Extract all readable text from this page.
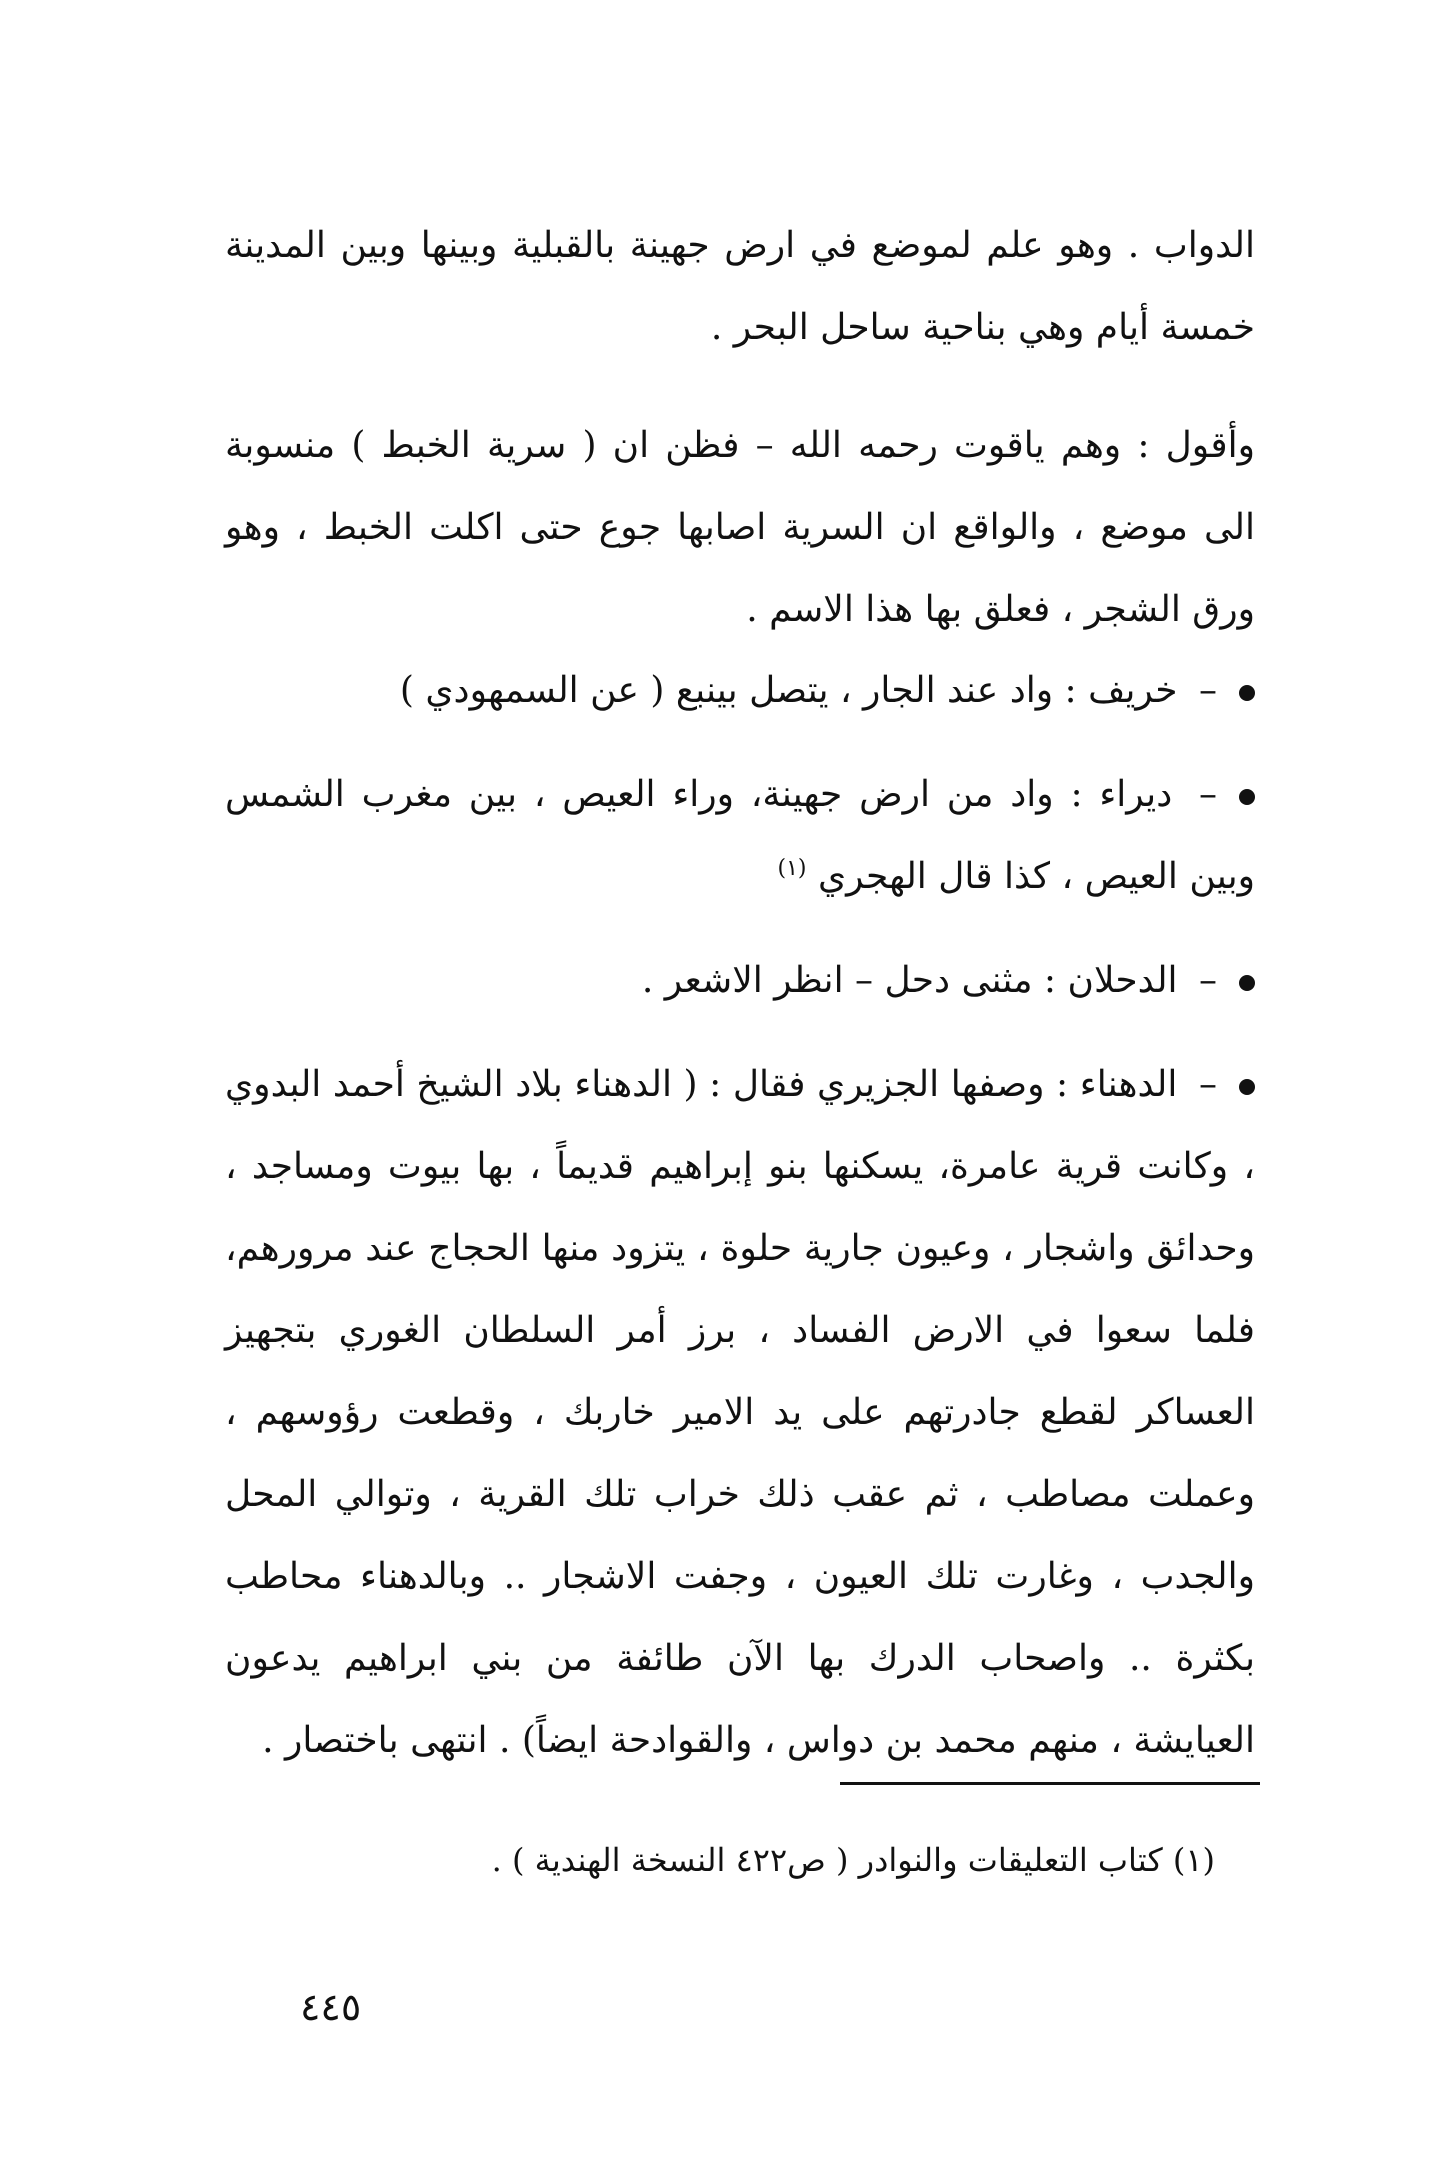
الدواب . وهو علم لموضع في ارض جهينة بالقبلية وبينها وبين المدينة خمسة أيام وهي بناحية ساحل البحر .

وأقول : وهم ياقوت رحمه الله – فظن ان ( سرية الخبط ) منسوبة الى موضع ، والواقع ان السرية اصابها جوع حتى اكلت الخبط ، وهو ورق الشجر ، فعلق بها هذا الاسم .

– خريف : واد عند الجار ، يتصل بينبع ( عن السمهودي )
– ديراء : واد من ارض جهينة، وراء العيص ، بين مغرب الشمس وبين العيص ، كذا قال الهجري $^{(١)}$
– الدحلان : مثنى دحل – انظر الاشعر .
– الدهناء : وصفها الجزيري فقال : ( الدهناء بلاد الشيخ أحمد البدوي ، وكانت قرية عامرة، يسكنها بنو إبراهيم قديماً ، بها بيوت ومساجد ، وحدائق واشجار ، وعيون جارية حلوة ، يتزود منها الحجاج عند مرورهم، فلما سعوا في الارض الفساد ، برز أمر السلطان الغوري بتجهيز العساكر لقطع جادرتهم على يد الامير خاربك ، وقطعت رؤوسهم ، وعملت مصاطب ، ثم عقب ذلك خراب تلك القرية ، وتوالي المحل والجدب ، وغارت تلك العيون ، وجفت الاشجار .. وبالدهناء محاطب بكثرة .. واصحاب الدرك بها الآن طائفة من بني ابراهيم يدعون العيايشة ، منهم محمد بن دواس ، والقوادحة ايضاً) . انتهى باختصار .
(١) كتاب التعليقات والنوادر ( ص٤٢٢ النسخة الهندية ) .
٤٤٥
